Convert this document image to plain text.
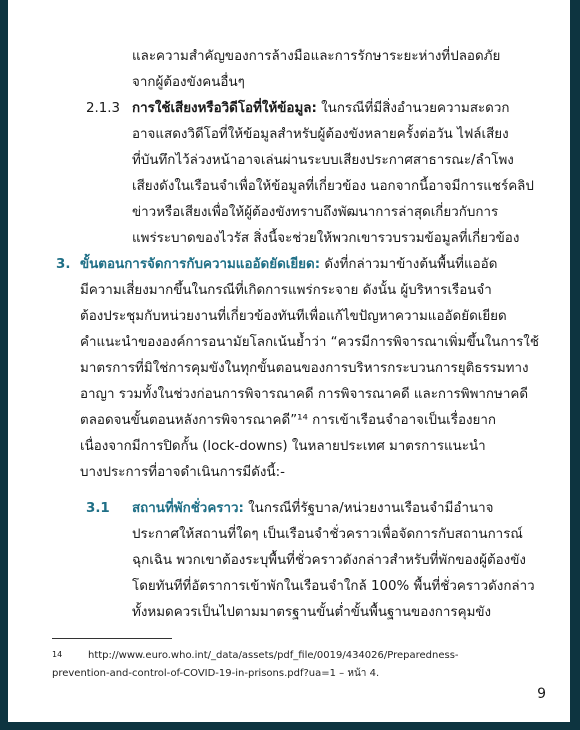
และความสำคัญของการล้างมือและการรักษาระยะห่างที่ปลอดภัย
จากผู้ต้องขังคนอื่นๆ
2.1.3 การใช้เสียงหรือวิดีโอที่ให้ข้อมูล: ในกรณีที่มีสิ่งอำนวยความสะดวก
อาจแสดงวิดีโอที่ให้ข้อมูลสำหรับผู้ต้องขังหลายครั้งต่อวัน ไฟล์เสียง
ที่บันทึกไว้ล่วงหน้าอาจเล่นผ่านระบบเสียงประกาศสาธารณะ/ลำโพง
เสียงดังในเรือนจำเพื่อให้ข้อมูลที่เกี่ยวข้อง นอกจากนี้อาจมีการแชร์คลิป
ข่าวหรือเสียงเพื่อให้ผู้ต้องขังทราบถึงพัฒนาการล่าสุดเกี่ยวกับการ
แพร่ระบาดของไวรัส สิ่งนี้จะช่วยให้พวกเขารวบรวมข้อมูลที่เกี่ยวข้อง
3. ขั้นตอนการจัดการกับความแออัดยัดเยียด: ดังที่กล่าวมาข้างต้นพื้นที่แออัด
มีความเสี่ยงมากขึ้นในกรณีที่เกิดการแพร่กระจาย ดังนั้น ผู้บริหารเรือนจำ
ต้องประชุมกับหน่วยงานที่เกี่ยวข้องทันทีเพื่อแก้ไขปัญหาความแออัดยัดเยียด
คำแนะนำขององค์การอนามัยโลกเน้นย้ำว่า “ควรมีการพิจารณาเพิ่มขึ้นในการใช้
มาตรการที่มิใช่การคุมขังในทุกขั้นตอนของการบริหารกระบวนการยุติธรรมทาง
อาญา รวมทั้งในช่วงก่อนการพิจารณาคดี การพิจารณาคดี และการพิพากษาคดี
ตลอดจนขั้นตอนหลังการพิจารณาคดี”¹⁴ การเข้าเรือนจำอาจเป็นเรื่องยาก
เนื่องจากมีการปิดกั้น (lock-downs) ในหลายประเทศ มาตรการแนะนำ
บางประการที่อาจดำเนินการมีดังนี้:-
3.1 สถานที่พักชั่วคราว: ในกรณีที่รัฐบาล/หน่วยงานเรือนจำมีอำนาจ
ประกาศให้สถานที่ใดๆ เป็นเรือนจำชั่วคราวเพื่อจัดการกับสถานการณ์
ฉุกเฉิน พวกเขาต้องระบุพื้นที่ชั่วคราวดังกล่าวสำหรับที่พักของผู้ต้องขัง
โดยทันทีที่อัตราการเข้าพักในเรือนจำใกล้ 100% พื้นที่ชั่วคราวดังกล่าว
ทั้งหมดควรเป็นไปตามมาตรฐานขั้นต่ำขั้นพื้นฐานของการคุมขัง
14	http://www.euro.who.int/_data/assets/pdf_file/0019/434026/Preparedness-
prevention-and-control-of-COVID-19-in-prisons.pdf?ua=1 – หน้า 4.
9
